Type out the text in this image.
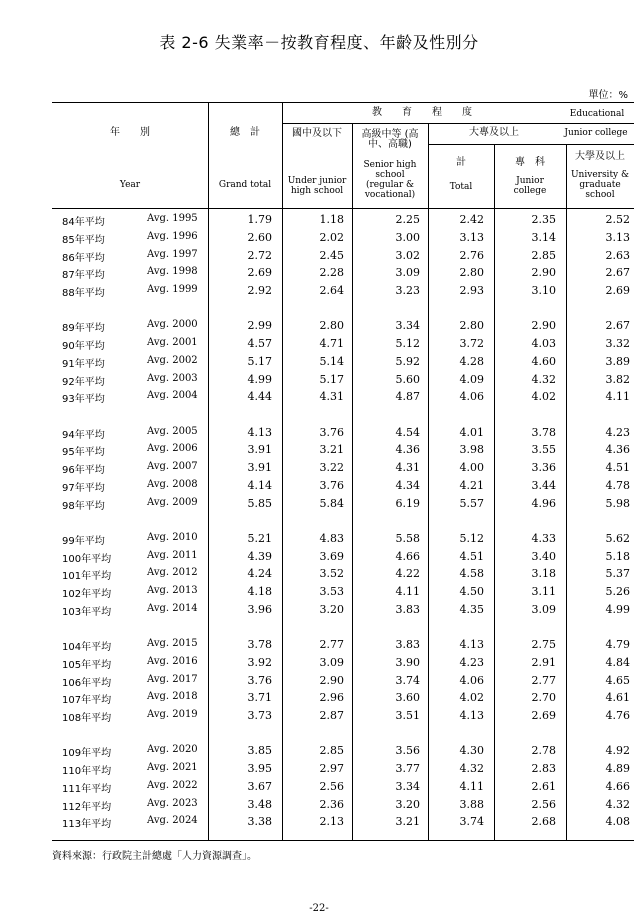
表 2-6 失業率－按教育程度、年齡及性別分
單位：%
年　　別
Year
總　計
Grand total
教　　育　　程　　度	Educational
國中及以下
Under junior high school
高級中等 (高中、高職)
Senior high school (regular & vocational)
大專及以上	Junior college
計
Total
專　科
Junior college
大學及以上
University & graduate school
84年平均	Avg. 1995	1.79	1.18	2.25	2.42	2.35	2.52
85年平均	Avg. 1996	2.60	2.02	3.00	3.13	3.14	3.13
86年平均	Avg. 1997	2.72	2.45	3.02	2.76	2.85	2.63
87年平均	Avg. 1998	2.69	2.28	3.09	2.80	2.90	2.67
88年平均	Avg. 1999	2.92	2.64	3.23	2.93	3.10	2.69
89年平均	Avg. 2000	2.99	2.80	3.34	2.80	2.90	2.67
90年平均	Avg. 2001	4.57	4.71	5.12	3.72	4.03	3.32
91年平均	Avg. 2002	5.17	5.14	5.92	4.28	4.60	3.89
92年平均	Avg. 2003	4.99	5.17	5.60	4.09	4.32	3.82
93年平均	Avg. 2004	4.44	4.31	4.87	4.06	4.02	4.11
94年平均	Avg. 2005	4.13	3.76	4.54	4.01	3.78	4.23
95年平均	Avg. 2006	3.91	3.21	4.36	3.98	3.55	4.36
96年平均	Avg. 2007	3.91	3.22	4.31	4.00	3.36	4.51
97年平均	Avg. 2008	4.14	3.76	4.34	4.21	3.44	4.78
98年平均	Avg. 2009	5.85	5.84	6.19	5.57	4.96	5.98
99年平均	Avg. 2010	5.21	4.83	5.58	5.12	4.33	5.62
100年平均	Avg. 2011	4.39	3.69	4.66	4.51	3.40	5.18
101年平均	Avg. 2012	4.24	3.52	4.22	4.58	3.18	5.37
102年平均	Avg. 2013	4.18	3.53	4.11	4.50	3.11	5.26
103年平均	Avg. 2014	3.96	3.20	3.83	4.35	3.09	4.99
104年平均	Avg. 2015	3.78	2.77	3.83	4.13	2.75	4.79
105年平均	Avg. 2016	3.92	3.09	3.90	4.23	2.91	4.84
106年平均	Avg. 2017	3.76	2.90	3.74	4.06	2.77	4.65
107年平均	Avg. 2018	3.71	2.96	3.60	4.02	2.70	4.61
108年平均	Avg. 2019	3.73	2.87	3.51	4.13	2.69	4.76
109年平均	Avg. 2020	3.85	2.85	3.56	4.30	2.78	4.92
110年平均	Avg. 2021	3.95	2.97	3.77	4.32	2.83	4.89
111年平均	Avg. 2022	3.67	2.56	3.34	4.11	2.61	4.66
112年平均	Avg. 2023	3.48	2.36	3.20	3.88	2.56	4.32
113年平均	Avg. 2024	3.38	2.13	3.21	3.74	2.68	4.08
資料來源：行政院主計總處「人力資源調查」。
-22-
